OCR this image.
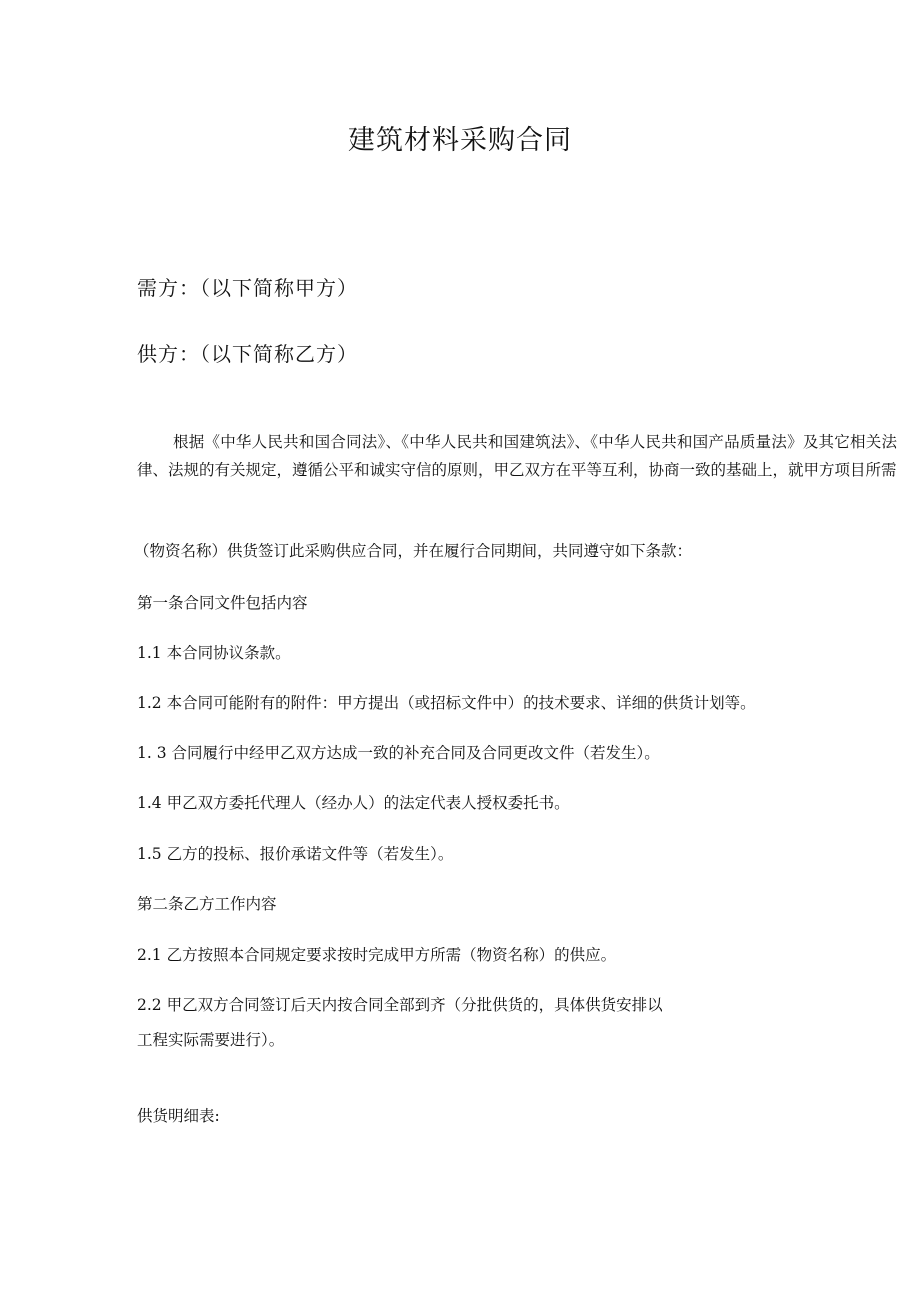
建筑材料采购合同
需方：（以下简称甲方）
供方：（以下简称乙方）
根据《中华人民共和国合同法》、《中华人民共和国建筑法》、《中华人民共和国产品质量法》及其它相关法律、法规的有关规定，遵循公平和诚实守信的原则，甲乙双方在平等互利，协商一致的基础上，就甲方项目所需
（物资名称）供货签订此采购供应合同，并在履行合同期间，共同遵守如下条款：
第一条合同文件包括内容
1.1 本合同协议条款。
1.2 本合同可能附有的附件：甲方提出（或招标文件中）的技术要求、详细的供货计划等。
1. 3 合同履行中经甲乙双方达成一致的补充合同及合同更改文件（若发生）。
1.4 甲乙双方委托代理人（经办人）的法定代表人授权委托书。
1.5 乙方的投标、报价承诺文件等（若发生）。
第二条乙方工作内容
2.1 乙方按照本合同规定要求按时完成甲方所需（物资名称）的供应。
2.2 甲乙双方合同签订后天内按合同全部到齐（分批供货的，具体供货安排以
工程实际需要进行）。
供货明细表:
